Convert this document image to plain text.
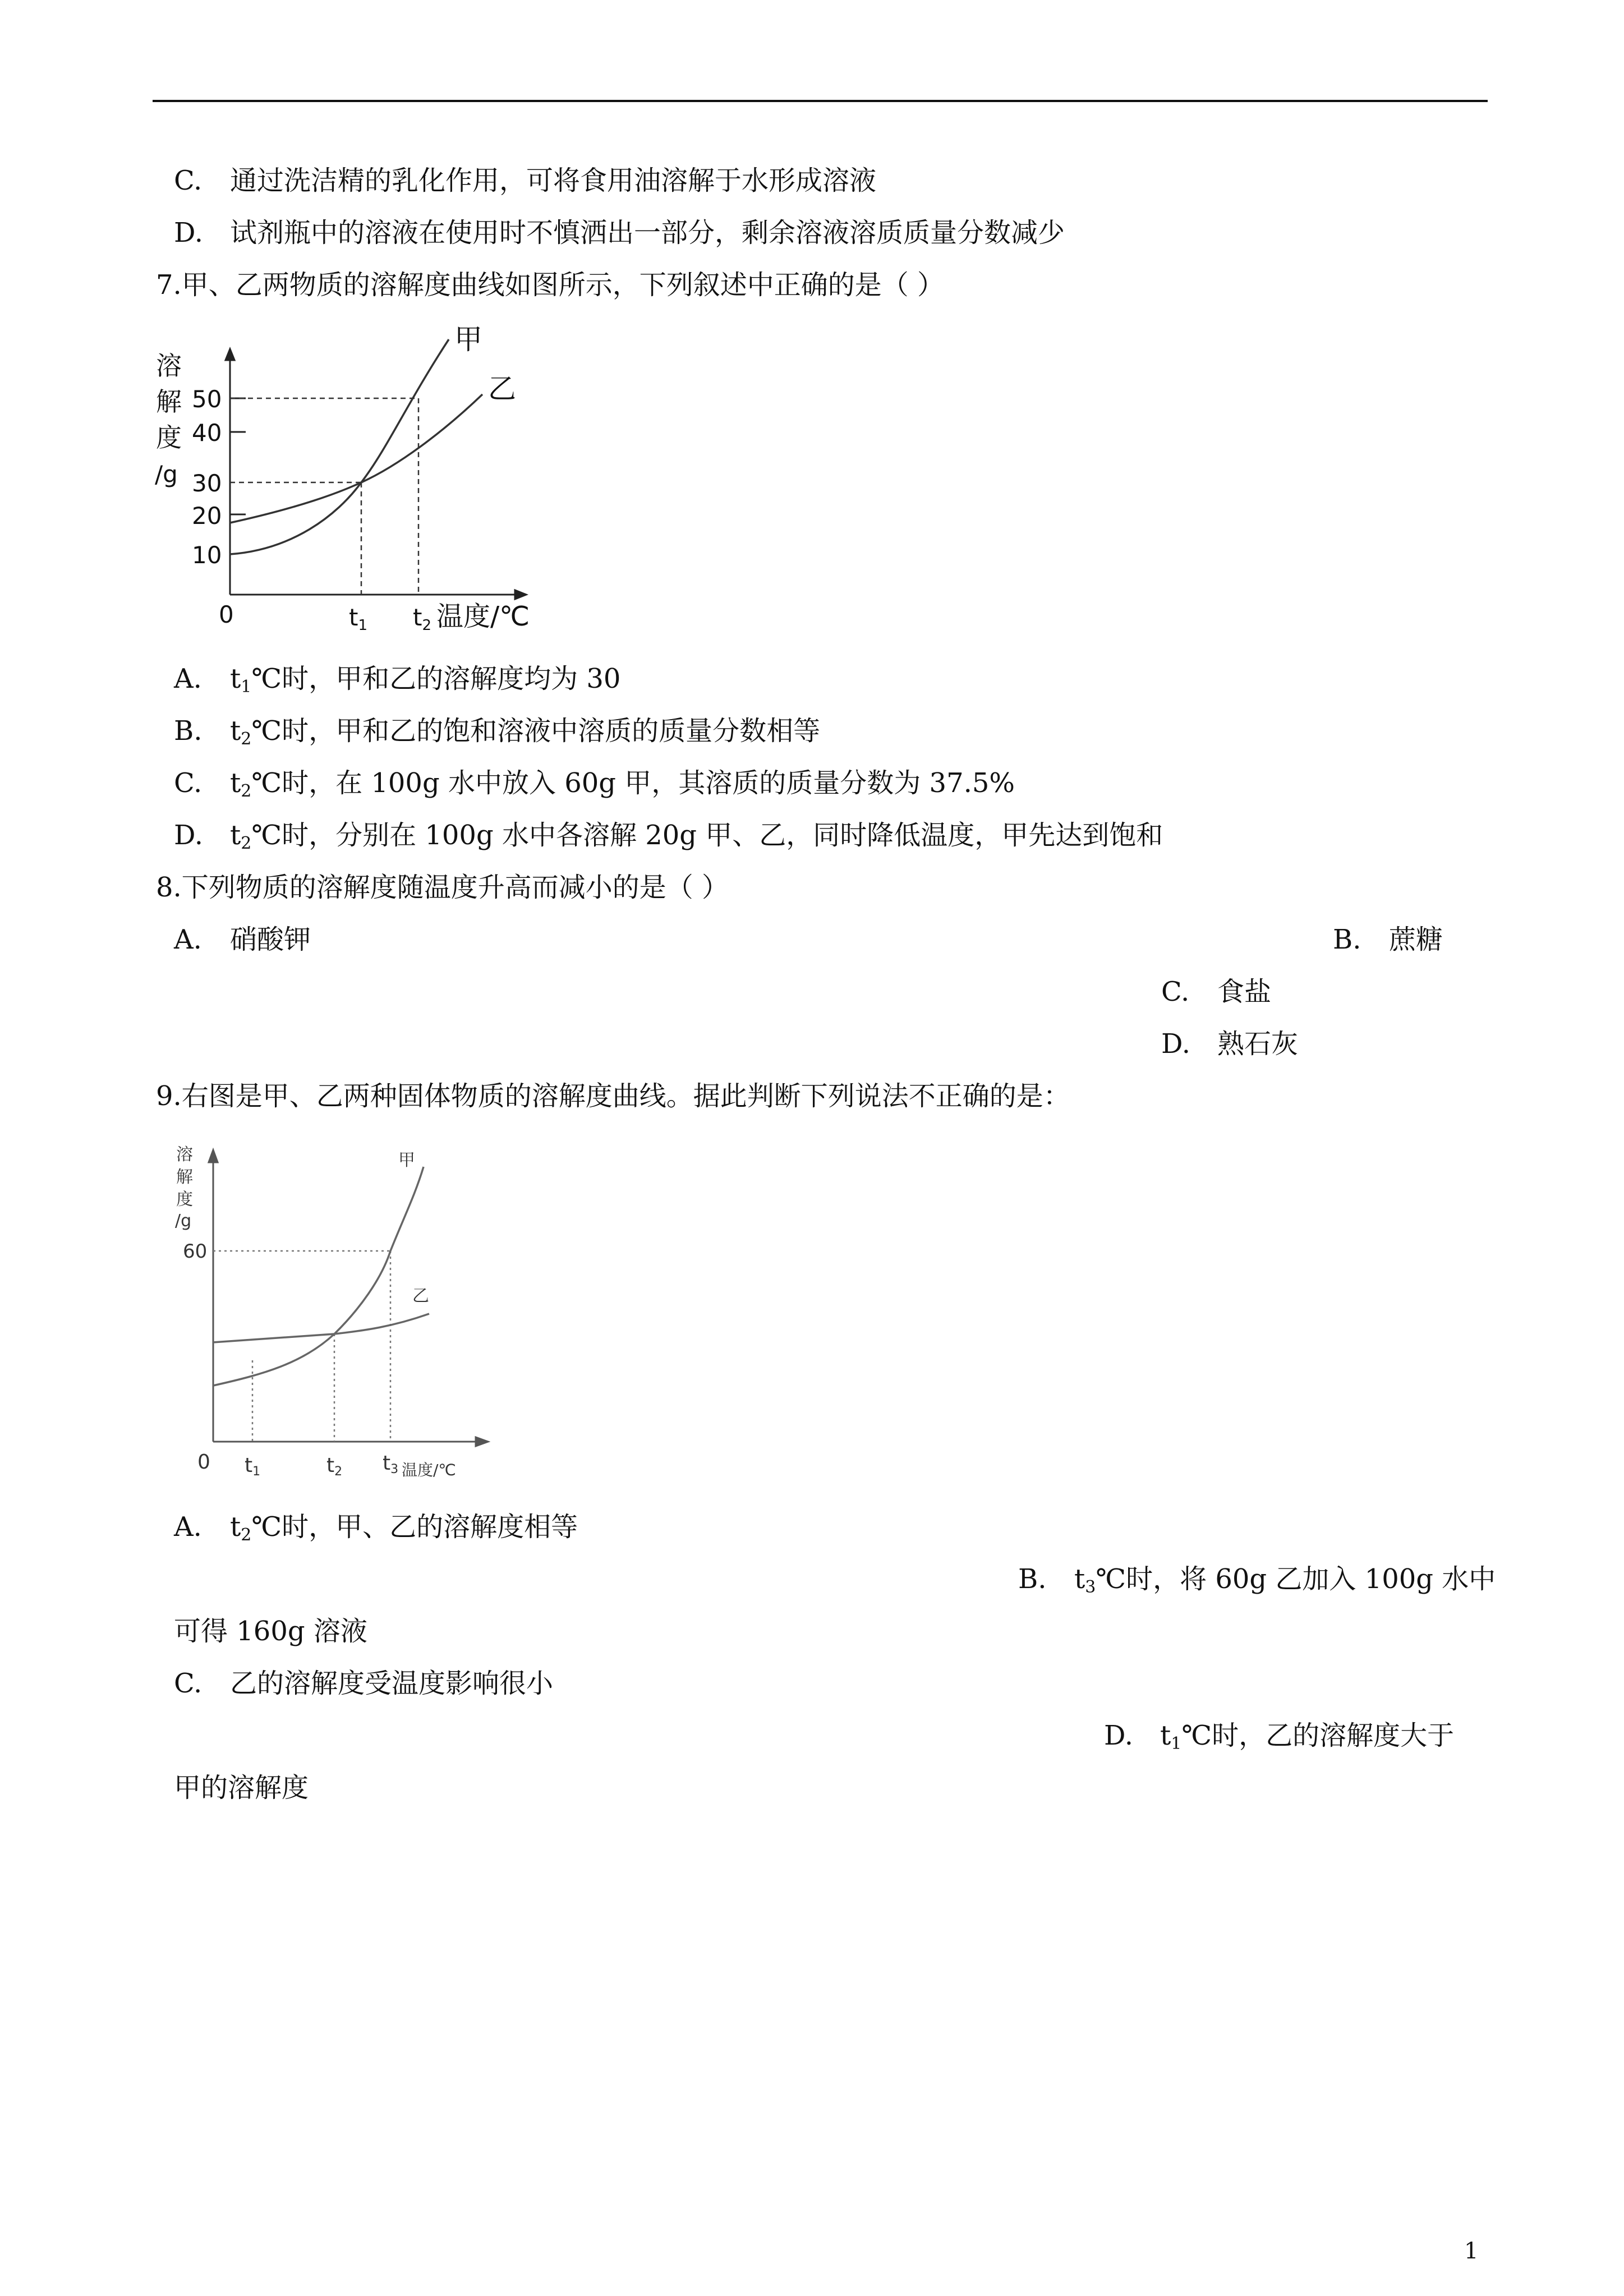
C. 通过洗洁精的乳化作用，可将食用油溶解于水形成溶液
D. 试剂瓶中的溶液在使用时不慎洒出一部分，剩余溶液溶质质量分数减少
7.甲、乙两物质的溶解度曲线如图所示，下列叙述中正确的是（ ）
溶
解
度
/g
50
40
30
20
10
0	t1 t2 温度/℃
甲
乙
A. $t_1℃$时，甲和乙的溶解度均为 30
B. $t_2℃$时，甲和乙的饱和溶液中溶质的质量分数相等
C. $t_2℃$时，在 100g 水中放入 60g 甲，其溶质的质量分数为 37.5%
D. $t_2℃$时，分别在 100g 水中各溶解 20g 甲、乙，同时降低温度，甲先达到饱和
8.下列物质的溶解度随温度升高而减小的是（ ）
A. 硝酸钾	B. 蔗糖
C. 食盐
D. 熟石灰
9.右图是甲、乙两种固体物质的溶解度曲线。据此判断下列说法不正确的是：
溶
解
度
/g
60
0 t1	t2 t3 温度/℃
甲
乙
A. $t_2℃$时，甲、乙的溶解度相等
B. $t_3℃$时，将 60g 乙加入 100g 水中
可得 160g 溶液
C. 乙的溶解度受温度影响很小
D. $t_1℃$时，乙的溶解度大于
甲的溶解度
1
